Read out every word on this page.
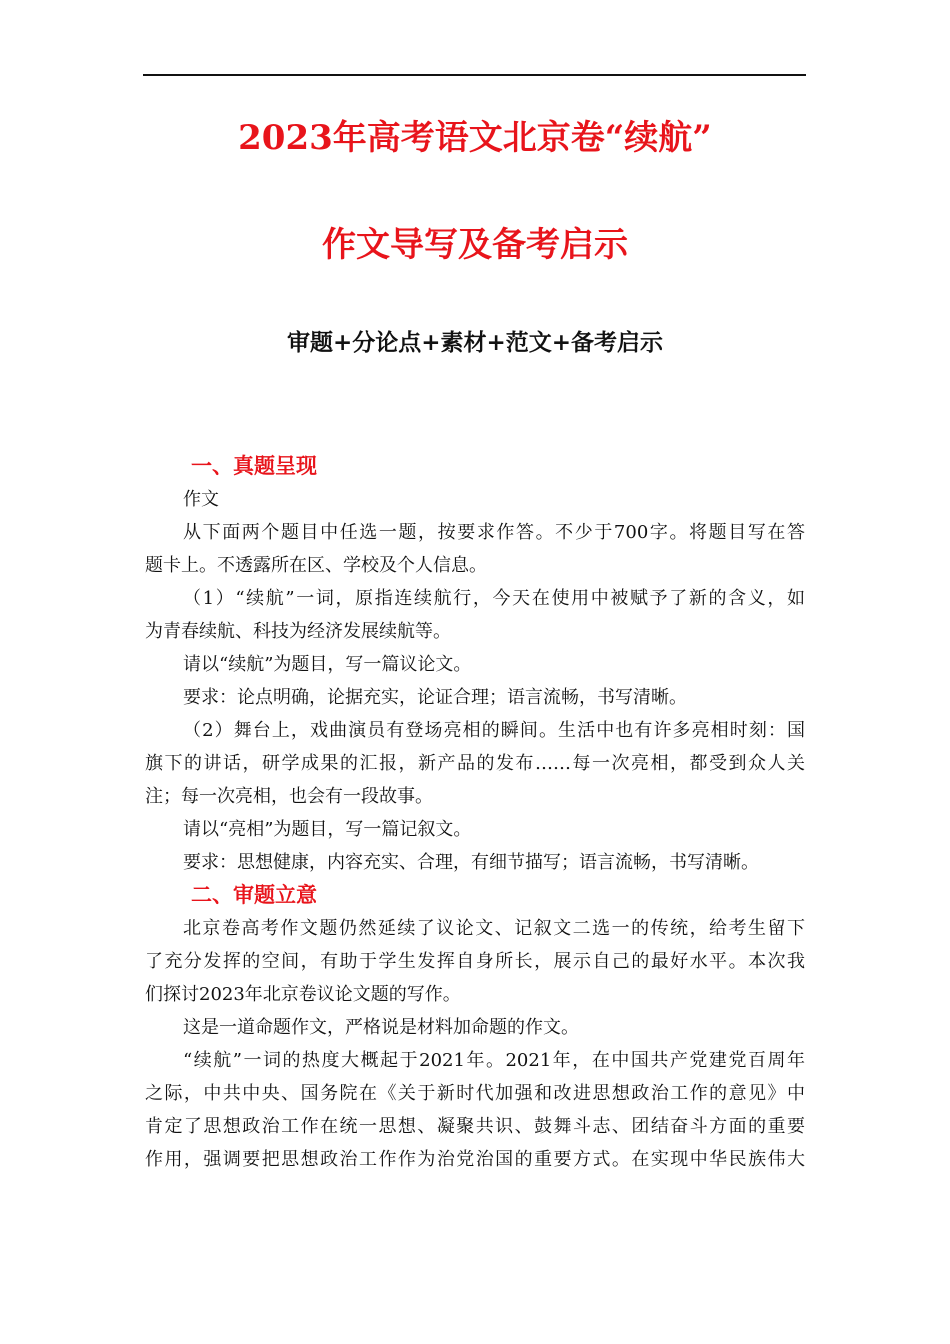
2023年高考语文北京卷“续航”
作文导写及备考启示
审题+分论点+素材+范文+备考启示
一、真题呈现
作文
从下面两个题目中任选一题，按要求作答。不少于700字。将题目写在答
题卡上。不透露所在区、学校及个人信息。
（1）“续航”一词，原指连续航行，今天在使用中被赋予了新的含义，如
为青春续航、科技为经济发展续航等。
请以“续航”为题目，写一篇议论文。
要求：论点明确，论据充实，论证合理；语言流畅，书写清晰。
（2）舞台上，戏曲演员有登场亮相的瞬间。生活中也有许多亮相时刻：国
旗下的讲话，研学成果的汇报，新产品的发布……每一次亮相，都受到众人关
注；每一次亮相，也会有一段故事。
请以“亮相”为题目，写一篇记叙文。
要求：思想健康，内容充实、合理，有细节描写；语言流畅，书写清晰。
二、审题立意
北京卷高考作文题仍然延续了议论文、记叙文二选一的传统，给考生留下
了充分发挥的空间，有助于学生发挥自身所长，展示自己的最好水平。本次我
们探讨2023年北京卷议论文题的写作。
这是一道命题作文，严格说是材料加命题的作文。
“续航”一词的热度大概起于2021年。2021年，在中国共产党建党百周年
之际，中共中央、国务院在《关于新时代加强和改进思想政治工作的意见》中
肯定了思想政治工作在统一思想、凝聚共识、鼓舞斗志、团结奋斗方面的重要
作用，强调要把思想政治工作作为治党治国的重要方式。在实现中华民族伟大
